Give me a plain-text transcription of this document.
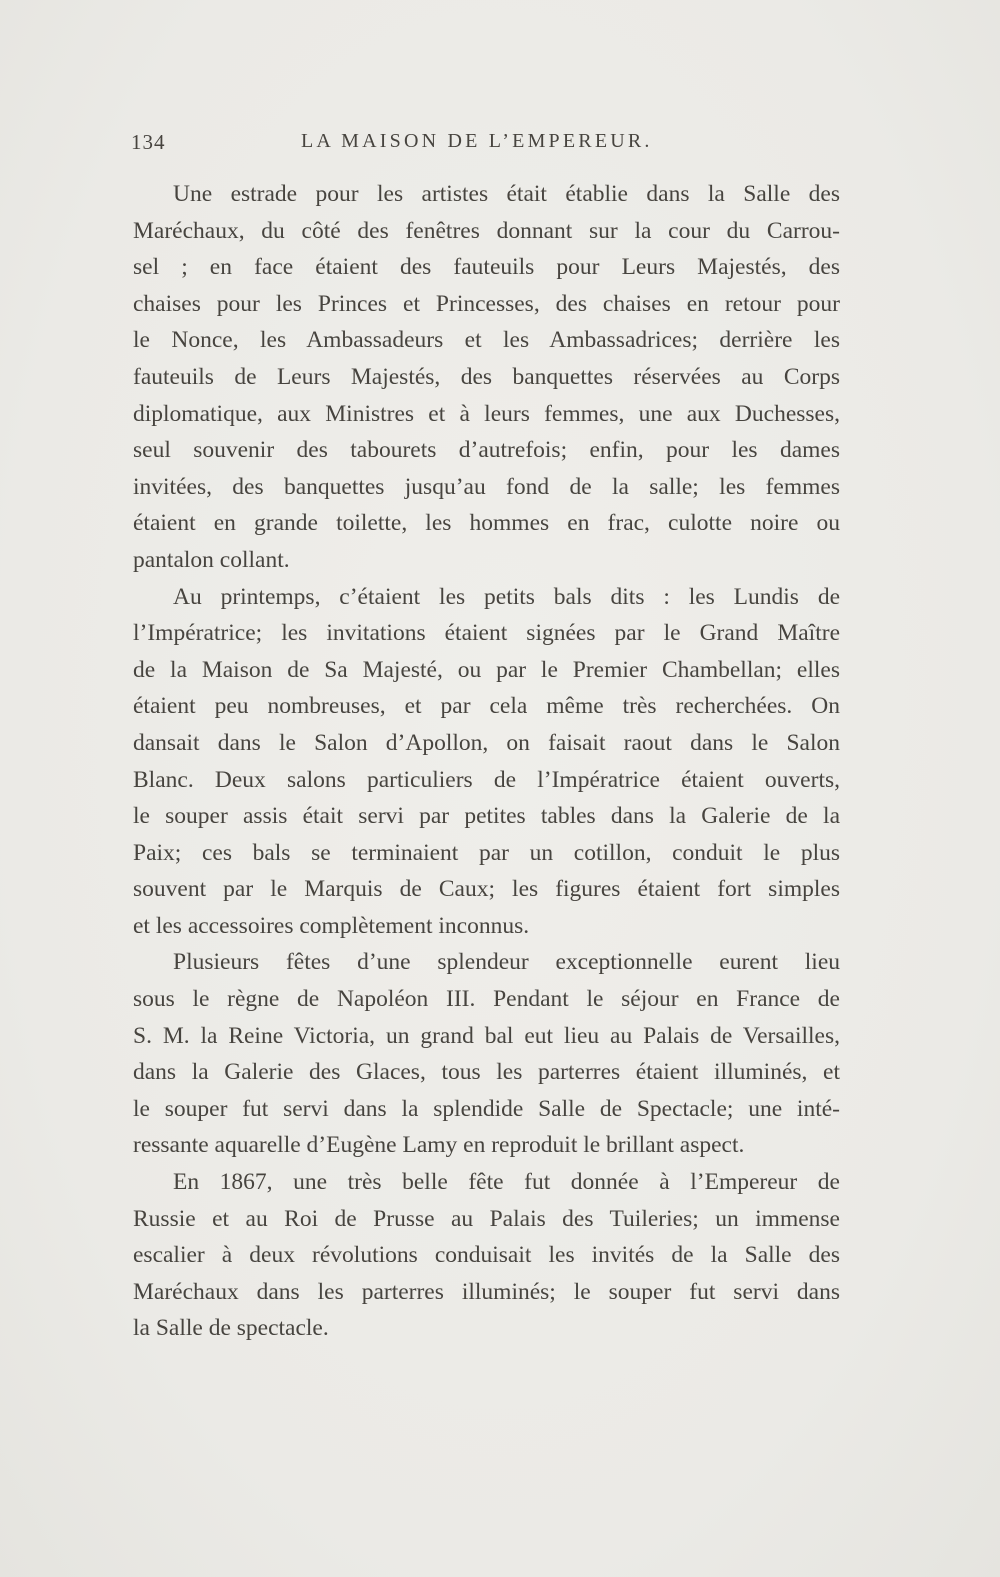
134	LA MAISON DE L’EMPEREUR.

Une estrade pour les artistes était établie dans la Salle des
Maréchaux, du côté des fenêtres donnant sur la cour du Carrou-
sel ; en face étaient des fauteuils pour Leurs Majestés, des
chaises pour les Princes et Princesses, des chaises en retour pour
le Nonce, les Ambassadeurs et les Ambassadrices; derrière les
fauteuils de Leurs Majestés, des banquettes réservées au Corps
diplomatique, aux Ministres et à leurs femmes, une aux Duchesses,
seul souvenir des tabourets d’autrefois; enfin, pour les dames
invitées, des banquettes jusqu’au fond de la salle; les femmes
étaient en grande toilette, les hommes en frac, culotte noire ou
pantalon collant.

Au printemps, c’étaient les petits bals dits : les Lundis de
l’Impératrice; les invitations étaient signées par le Grand Maître
de la Maison de Sa Majesté, ou par le Premier Chambellan; elles
étaient peu nombreuses, et par cela même très recherchées. On
dansait dans le Salon d’Apollon, on faisait raout dans le Salon
Blanc. Deux salons particuliers de l’Impératrice étaient ouverts,
le souper assis était servi par petites tables dans la Galerie de la
Paix; ces bals se terminaient par un cotillon, conduit le plus
souvent par le Marquis de Caux; les figures étaient fort simples
et les accessoires complètement inconnus.

Plusieurs fêtes d’une splendeur exceptionnelle eurent lieu
sous le règne de Napoléon III. Pendant le séjour en France de
S. M. la Reine Victoria, un grand bal eut lieu au Palais de Versailles,
dans la Galerie des Glaces, tous les parterres étaient illuminés, et
le souper fut servi dans la splendide Salle de Spectacle; une inté-
ressante aquarelle d’Eugène Lamy en reproduit le brillant aspect.

En 1867, une très belle fête fut donnée à l’Empereur de
Russie et au Roi de Prusse au Palais des Tuileries; un immense
escalier à deux révolutions conduisait les invités de la Salle des
Maréchaux dans les parterres illuminés; le souper fut servi dans
la Salle de spectacle.
